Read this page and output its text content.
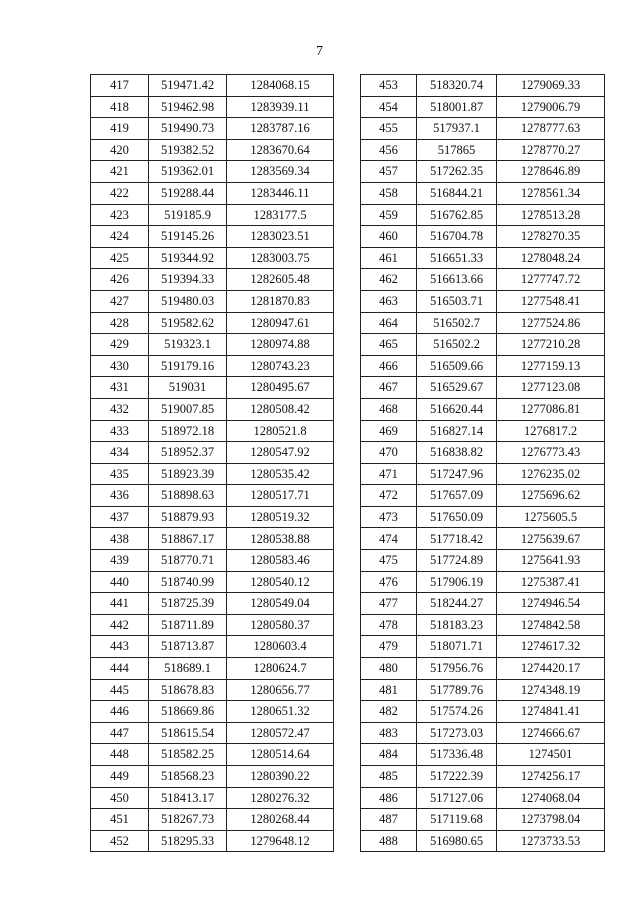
7
417	519471.42	1284068.15
418	519462.98	1283939.11
419	519490.73	1283787.16
420	519382.52	1283670.64
421	519362.01	1283569.34
422	519288.44	1283446.11
423	519185.9	1283177.5
424	519145.26	1283023.51
425	519344.92	1283003.75
426	519394.33	1282605.48
427	519480.03	1281870.83
428	519582.62	1280947.61
429	519323.1	1280974.88
430	519179.16	1280743.23
431	519031	1280495.67
432	519007.85	1280508.42
433	518972.18	1280521.8
434	518952.37	1280547.92
435	518923.39	1280535.42
436	518898.63	1280517.71
437	518879.93	1280519.32
438	518867.17	1280538.88
439	518770.71	1280583.46
440	518740.99	1280540.12
441	518725.39	1280549.04
442	518711.89	1280580.37
443	518713.87	1280603.4
444	518689.1	1280624.7
445	518678.83	1280656.77
446	518669.86	1280651.32
447	518615.54	1280572.47
448	518582.25	1280514.64
449	518568.23	1280390.22
450	518413.17	1280276.32
451	518267.73	1280268.44
452	518295.33	1279648.12
453	518320.74	1279069.33
454	518001.87	1279006.79
455	517937.1	1278777.63
456	517865	1278770.27
457	517262.35	1278646.89
458	516844.21	1278561.34
459	516762.85	1278513.28
460	516704.78	1278270.35
461	516651.33	1278048.24
462	516613.66	1277747.72
463	516503.71	1277548.41
464	516502.7	1277524.86
465	516502.2	1277210.28
466	516509.66	1277159.13
467	516529.67	1277123.08
468	516620.44	1277086.81
469	516827.14	1276817.2
470	516838.82	1276773.43
471	517247.96	1276235.02
472	517657.09	1275696.62
473	517650.09	1275605.5
474	517718.42	1275639.67
475	517724.89	1275641.93
476	517906.19	1275387.41
477	518244.27	1274946.54
478	518183.23	1274842.58
479	518071.71	1274617.32
480	517956.76	1274420.17
481	517789.76	1274348.19
482	517574.26	1274841.41
483	517273.03	1274666.67
484	517336.48	1274501
485	517222.39	1274256.17
486	517127.06	1274068.04
487	517119.68	1273798.04
488	516980.65	1273733.53
